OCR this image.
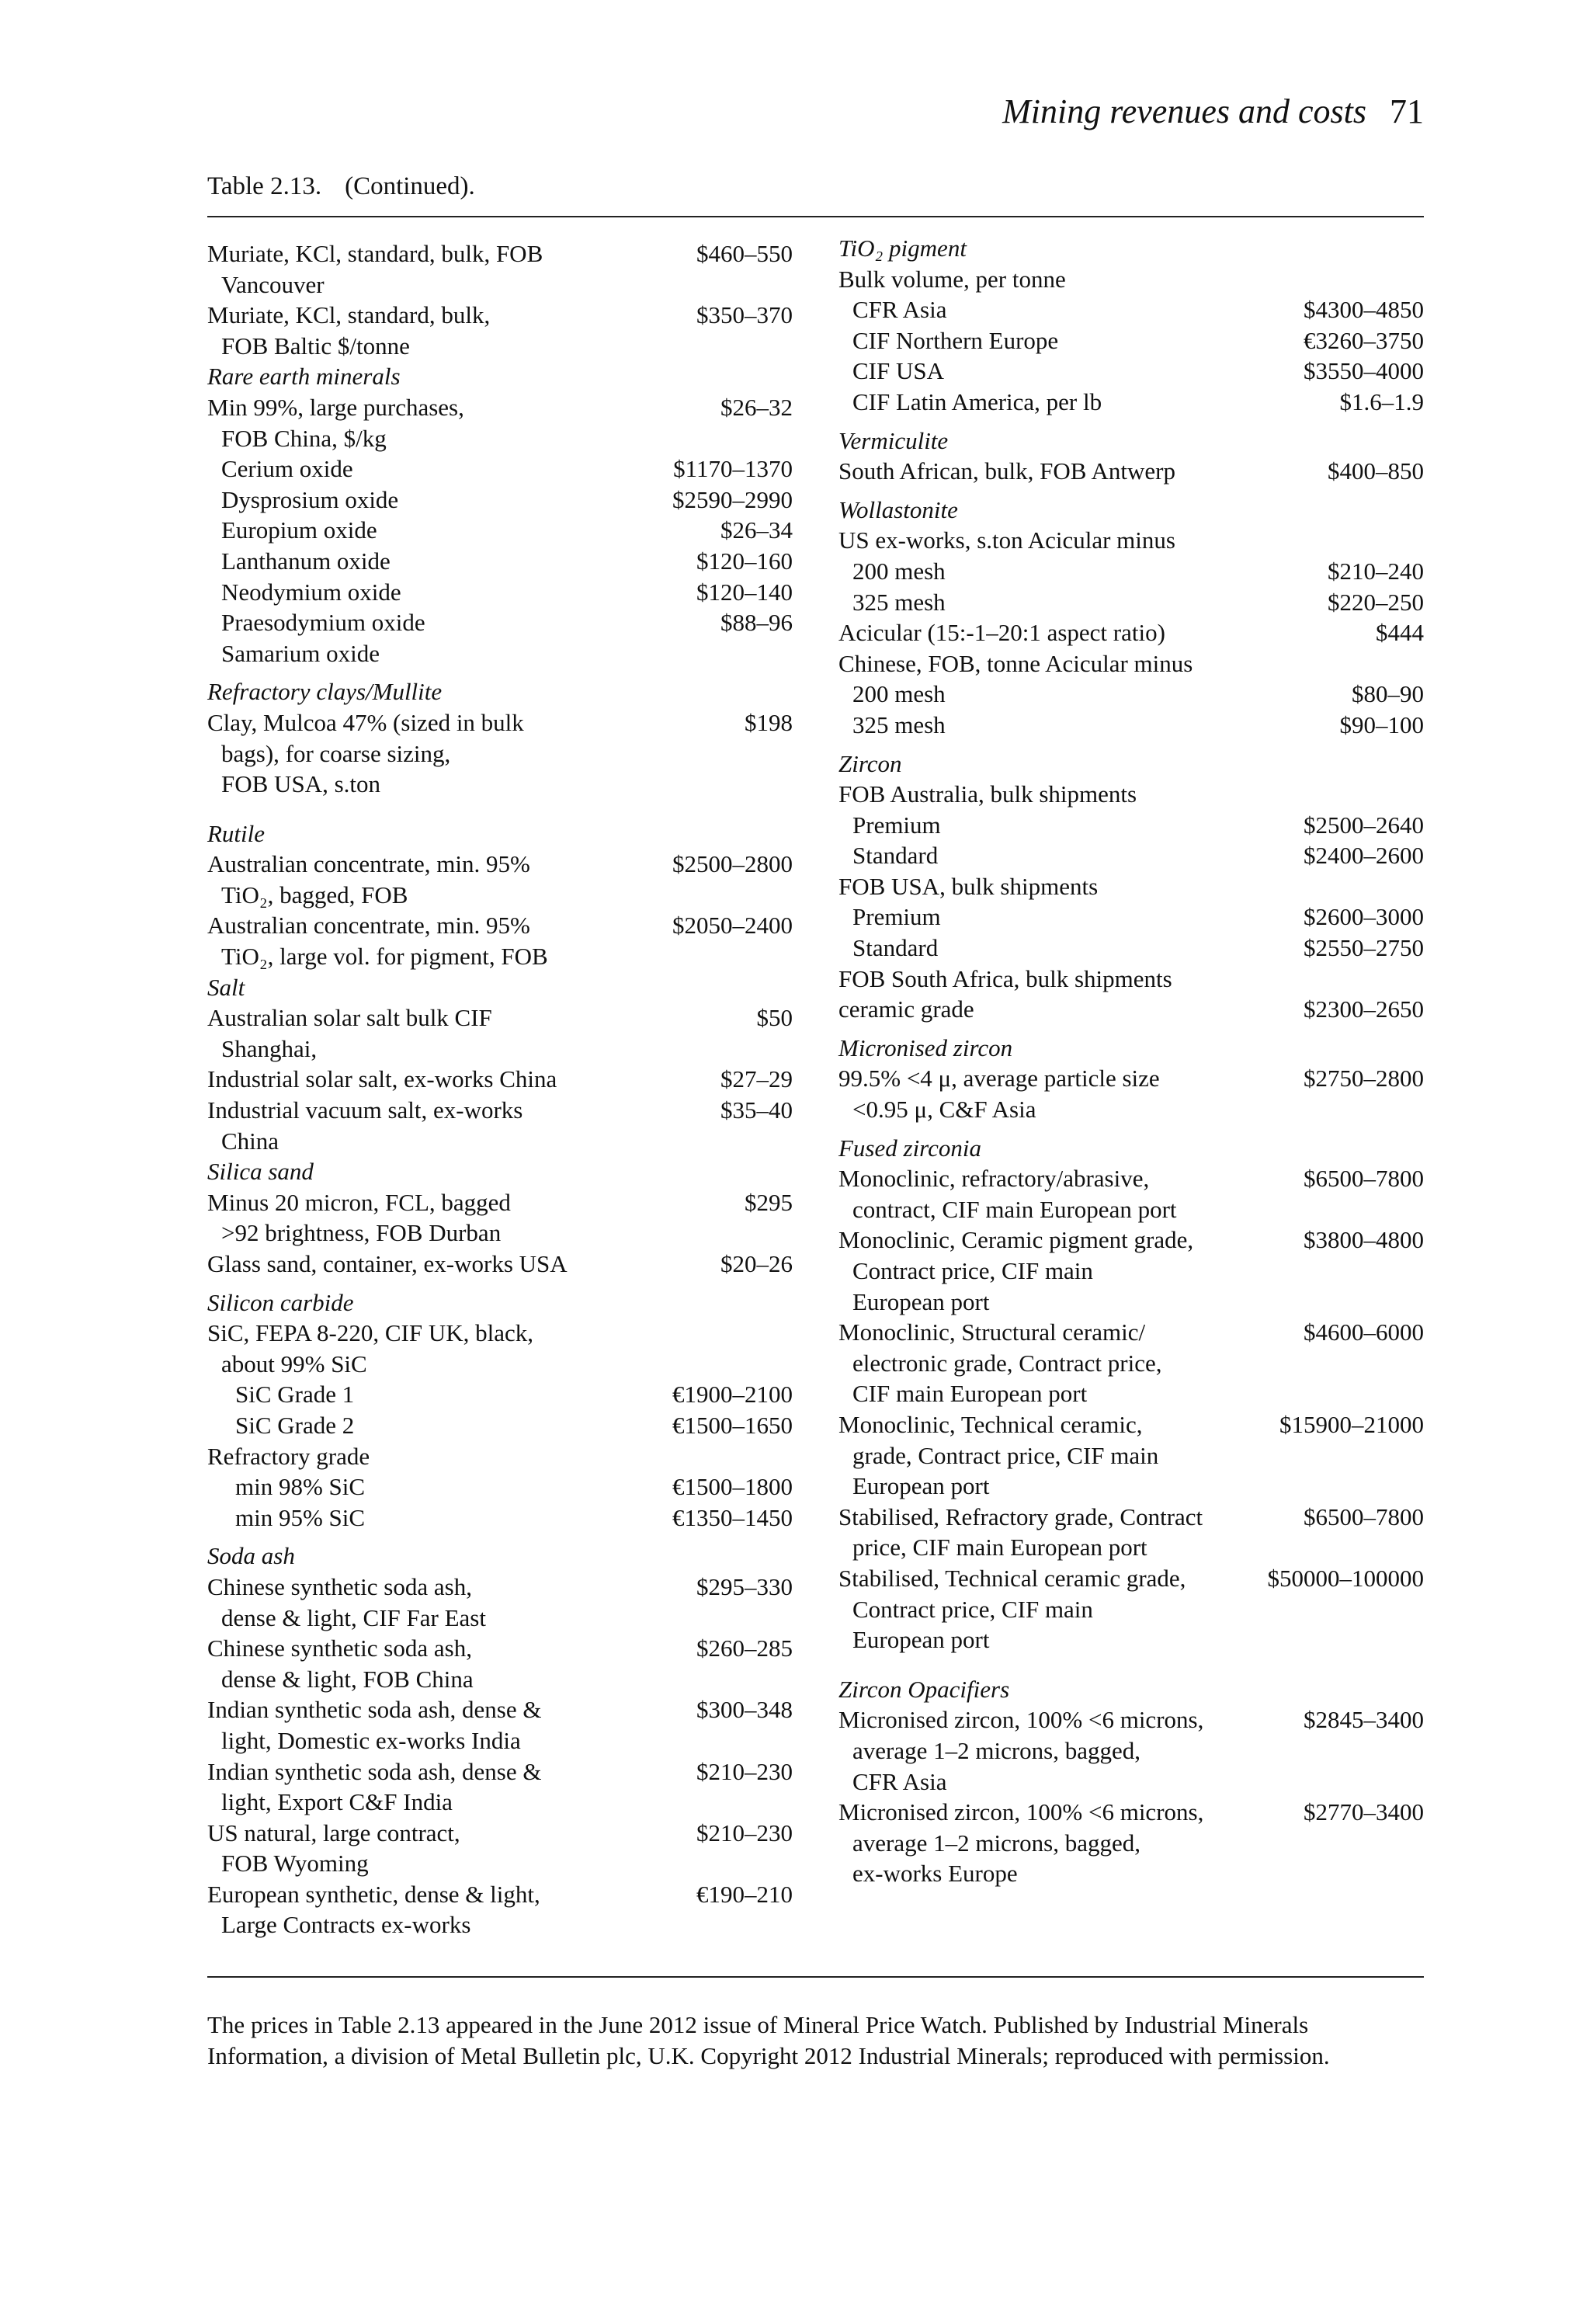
Mining revenues and costs 71
Table 2.13. (Continued).
Muriate, KCl, standard, bulk, FOB	$460–550
Vancouver
Muriate, KCl, standard, bulk,	$350–370
FOB Baltic $/tonne
Rare earth minerals
Min 99%, large purchases,	$26–32
FOB China, $/kg
Cerium oxide	$1170–1370
Dysprosium oxide	$2590–2990
Europium oxide	$26–34
Lanthanum oxide	$120–160
Neodymium oxide	$120–140
Praesodymium oxide	$88–96
Samarium oxide
Refractory clays/Mullite
Clay, Mulcoa 47% (sized in bulk	$198
bags), for coarse sizing,
FOB USA, s.ton
Rutile
Australian concentrate, min. 95%	$2500–2800
TiO₂, bagged, FOB
Australian concentrate, min. 95%	$2050–2400
TiO₂, large vol. for pigment, FOB
Salt
Australian solar salt bulk CIF	$50
Shanghai,
Industrial solar salt, ex-works China	$27–29
Industrial vacuum salt, ex-works	$35–40
China
Silica sand
Minus 20 micron, FCL, bagged	$295
>92 brightness, FOB Durban
Glass sand, container, ex-works USA	$20–26
Silicon carbide
SiC, FEPA 8-220, CIF UK, black,
about 99% SiC
SiC Grade 1	€1900–2100
SiC Grade 2	€1500–1650
Refractory grade
min 98% SiC	€1500–1800
min 95% SiC	€1350–1450
Soda ash
Chinese synthetic soda ash,	$295–330
dense & light, CIF Far East
Chinese synthetic soda ash,	$260–285
dense & light, FOB China
Indian synthetic soda ash, dense &	$300–348
light, Domestic ex-works India
Indian synthetic soda ash, dense &	$210–230
light, Export C&F India
US natural, large contract,	$210–230
FOB Wyoming
European synthetic, dense & light,	€190–210
Large Contracts ex-works
TiO₂ pigment
Bulk volume, per tonne
CFR Asia	$4300–4850
CIF Northern Europe	€3260–3750
CIF USA	$3550–4000
CIF Latin America, per lb	$1.6–1.9
Vermiculite
South African, bulk, FOB Antwerp	$400–850
Wollastonite
US ex-works, s.ton Acicular minus
200 mesh	$210–240
325 mesh	$220–250
Acicular (15:-1–20:1 aspect ratio)	$444
Chinese, FOB, tonne Acicular minus
200 mesh	$80–90
325 mesh	$90–100
Zircon
FOB Australia, bulk shipments
Premium	$2500–2640
Standard	$2400–2600
FOB USA, bulk shipments
Premium	$2600–3000
Standard	$2550–2750
FOB South Africa, bulk shipments
ceramic grade	$2300–2650
Micronised zircon
99.5% <4 μ, average particle size	$2750–2800
<0.95 μ, C&F Asia
Fused zirconia
Monoclinic, refractory/abrasive,	$6500–7800
contract, CIF main European port
Monoclinic, Ceramic pigment grade,	$3800–4800
Contract price, CIF main
European port
Monoclinic, Structural ceramic/	$4600–6000
electronic grade, Contract price,
CIF main European port
Monoclinic, Technical ceramic,	$15900–21000
grade, Contract price, CIF main
European port
Stabilised, Refractory grade, Contract	$6500–7800
price, CIF main European port
Stabilised, Technical ceramic grade,	$50000–100000
Contract price, CIF main
European port
Zircon Opacifiers
Micronised zircon, 100% <6 microns,	$2845–3400
average 1–2 microns, bagged,
CFR Asia
Micronised zircon, 100% <6 microns,	$2770–3400
average 1–2 microns, bagged,
ex-works Europe
The prices in Table 2.13 appeared in the June 2012 issue of Mineral Price Watch. Published by Industrial Minerals Information, a division of Metal Bulletin plc, U.K. Copyright 2012 Industrial Minerals; reproduced with permission.
